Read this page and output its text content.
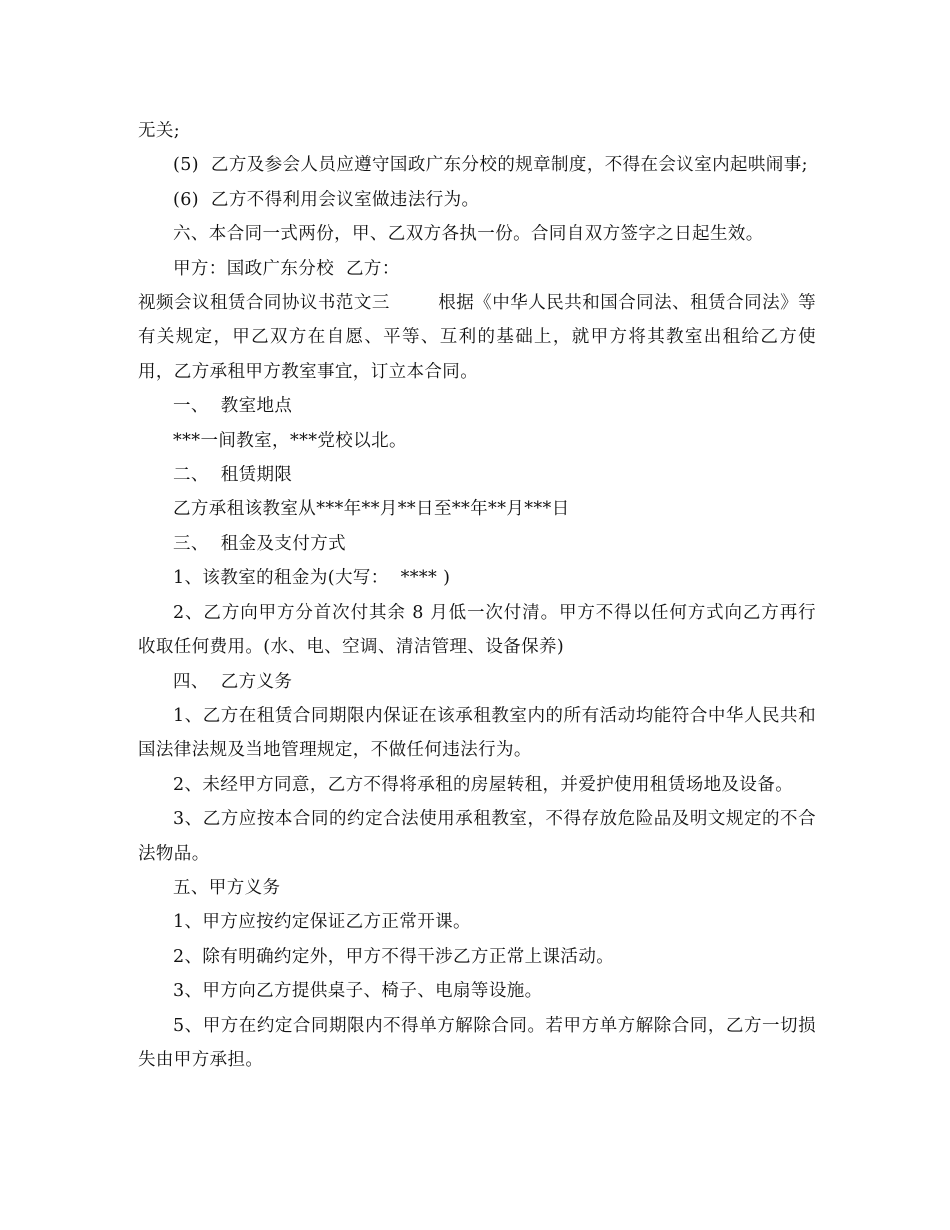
无关;

(5)  乙方及参会人员应遵守国政广东分校的规章制度，不得在会议室内起哄闹事;

(6)  乙方不得利用会议室做违法行为。

六、本合同一式两份，甲、乙双方各执一份。合同自双方签字之日起生效。

甲方：国政广东分校  乙方：

视频会议租赁合同协议书范文三        根据《中华人民共和国合同法、租赁合同法》等有关规定，甲乙双方在自愿、平等、互利的基础上，就甲方将其教室出租给乙方使用，乙方承租甲方教室事宜，订立本合同。

一、  教室地点

***一间教室，***党校以北。

二、  租赁期限

乙方承租该教室从***年**月**日至**年**月***日

三、  租金及支付方式

1、该教室的租金为(大写：  **** )

2、乙方向甲方分首次付其余 8 月低一次付清。甲方不得以任何方式向乙方再行收取任何费用。(水、电、空调、清洁管理、设备保养)

四、  乙方义务

1、乙方在租赁合同期限内保证在该承租教室内的所有活动均能符合中华人民共和国法律法规及当地管理规定，不做任何违法行为。

2、未经甲方同意，乙方不得将承租的房屋转租，并爱护使用租赁场地及设备。

3、乙方应按本合同的约定合法使用承租教室，不得存放危险品及明文规定的不合法物品。

五、甲方义务

1、甲方应按约定保证乙方正常开课。

2、除有明确约定外，甲方不得干涉乙方正常上课活动。

3、甲方向乙方提供桌子、椅子、电扇等设施。

5、甲方在约定合同期限内不得单方解除合同。若甲方单方解除合同，乙方一切损失由甲方承担。
